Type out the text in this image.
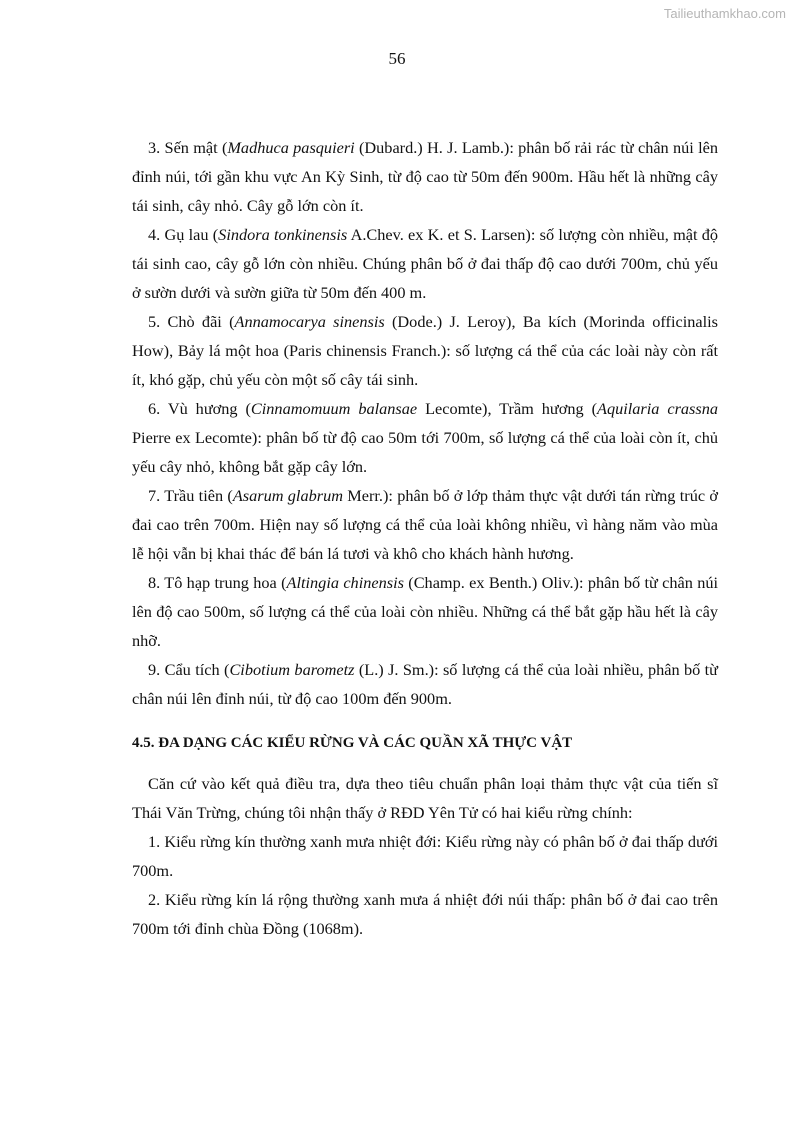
Tailieuthamkhao.com
56

3. Sến mật (Madhuca pasquieri (Dubard.) H. J. Lamb.): phân bố rải rác từ chân núi lên đỉnh núi, tới gần khu vực An Kỳ Sinh, từ độ cao từ 50m đến 900m. Hầu hết là những cây tái sinh, cây nhỏ. Cây gỗ lớn còn ít.

4. Gụ lau (Sindora tonkinensis A.Chev. ex K. et S. Larsen): số lượng còn nhiều, mật độ tái sinh cao, cây gỗ lớn còn nhiều. Chúng phân bố ở đai thấp độ cao dưới 700m, chủ yếu ở sườn dưới và sườn giữa từ 50m đến 400 m.

5. Chò đãi (Annamocarya sinensis (Dode.) J. Leroy), Ba kích (Morinda officinalis How), Bảy lá một hoa (Paris chinensis Franch.): số lượng cá thể của các loài này còn rất ít, khó gặp, chủ yếu còn một số cây tái sinh.

6. Vù hương (Cinnamomuum balansae Lecomte), Trầm hương (Aquilaria crassna Pierre ex Lecomte): phân bố từ độ cao 50m tới 700m, số lượng cá thể của loài còn ít, chủ yếu cây nhỏ, không bắt gặp cây lớn.

7. Trầu tiên (Asarum glabrum Merr.): phân bố ở lớp thảm thực vật dưới tán rừng trúc ở đai cao trên 700m. Hiện nay số lượng cá thể của loài không nhiều, vì hàng năm vào mùa lễ hội vẫn bị khai thác để bán lá tươi và khô cho khách hành hương.

8. Tô hạp trung hoa (Altingia chinensis (Champ. ex Benth.) Oliv.): phân bố từ chân núi lên độ cao 500m, số lượng cá thể của loài còn nhiều. Những cá thể bắt gặp hầu hết là cây nhỡ.

9. Cẩu tích (Cibotium barometz (L.) J. Sm.): số lượng cá thể của loài nhiều, phân bố từ chân núi lên đỉnh núi, từ độ cao 100m đến 900m.

4.5. ĐA DẠNG CÁC KIỂU RỪNG VÀ CÁC QUẦN XÃ THỰC VẬT

Căn cứ vào kết quả điều tra, dựa theo tiêu chuẩn phân loại thảm thực vật của tiến sĩ Thái Văn Trừng, chúng tôi nhận thấy ở RĐD Yên Tử có hai kiểu rừng chính:

1. Kiểu rừng kín thường xanh mưa nhiệt đới: Kiểu rừng này có phân bố ở đai thấp dưới 700m.

2. Kiểu rừng kín lá rộng thường xanh mưa á nhiệt đới núi thấp: phân bố ở đai cao trên 700m tới đỉnh chùa Đồng (1068m).
